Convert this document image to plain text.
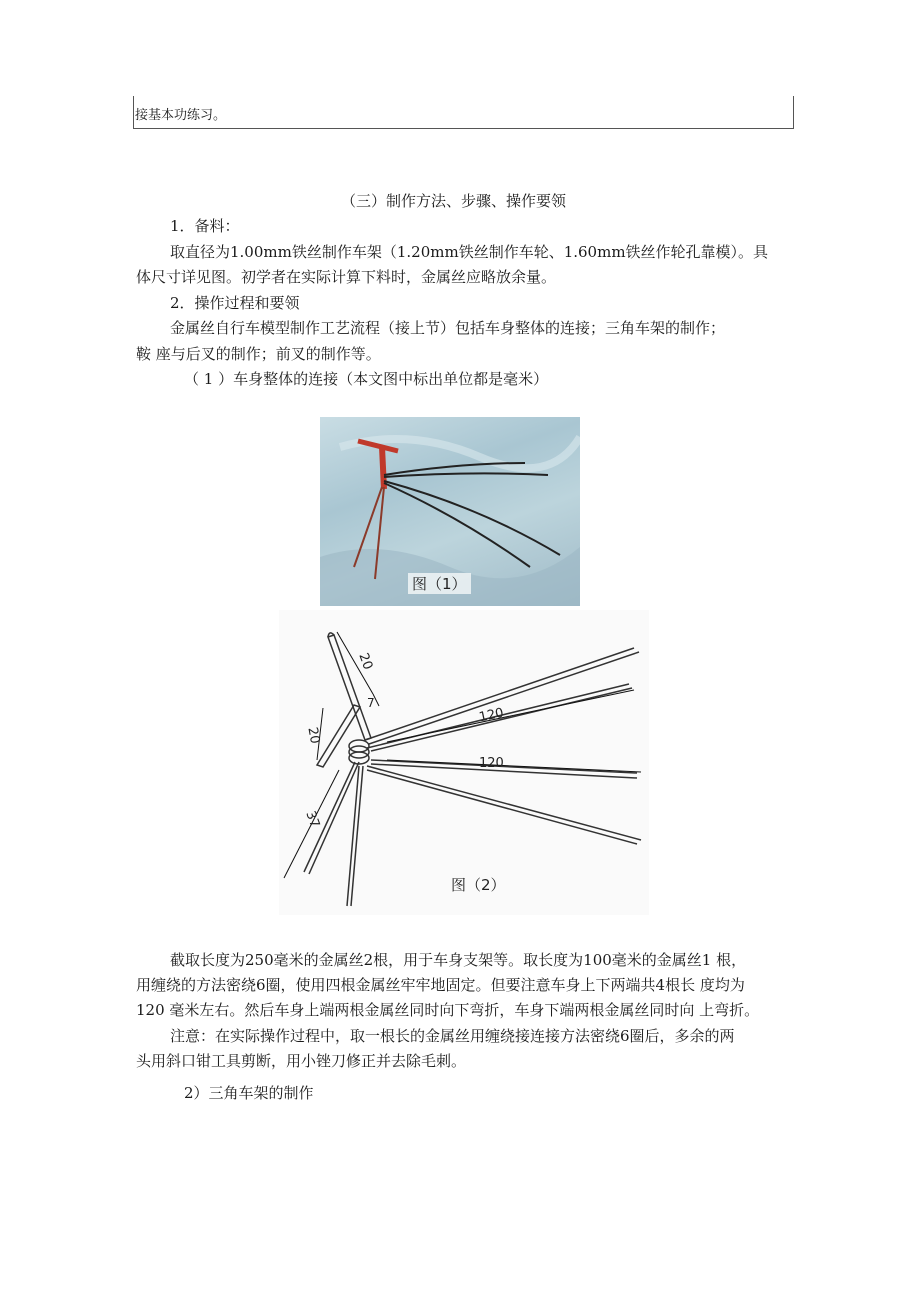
接基本功练习。
（三）制作方法、步骤、操作要领
1．备料：
取直径为1.00mm铁丝制作车架（1.20mm铁丝制作车轮、1.60mm铁丝作轮孔靠模）。具
体尺寸详见图。初学者在实际计算下料时，金属丝应略放余量。
2．操作过程和要领
金属丝自行车模型制作工艺流程（接上节）包括车身整体的连接；三角车架的制作；
鞍 座与后叉的制作；前叉的制作等。
（ 1 ）车身整体的连接（本文图中标出单位都是毫米）
图（1）
20
7
20
37
120
120
图（2）
截取长度为250毫米的金属丝2根，用于车身支架等。取长度为100毫米的金属丝1 根，
用缠绕的方法密绕6圈，使用四根金属丝牢牢地固定。但要注意车身上下两端共4根长 度均为
120 毫米左右。然后车身上端两根金属丝同时向下弯折，车身下端两根金属丝同时向 上弯折。
注意：在实际操作过程中，取一根长的金属丝用缠绕接连接方法密绕6圈后，多余的两
头用斜口钳工具剪断，用小锉刀修正并去除毛刺。
2）三角车架的制作
